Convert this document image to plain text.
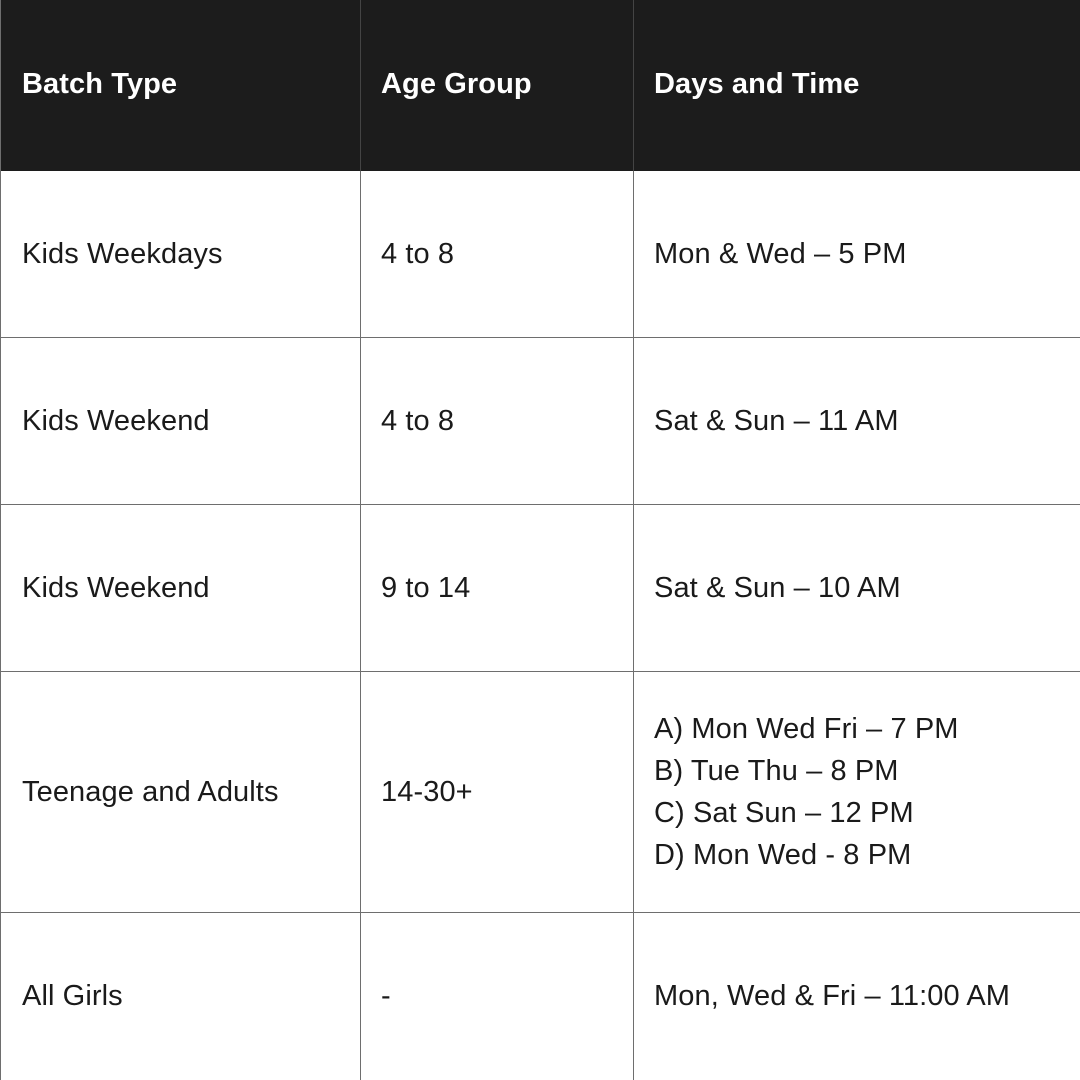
Batch Type	Age Group	Days and Time
Kids Weekdays	4 to 8	Mon & Wed – 5 PM
Kids Weekend	4 to 8	Sat & Sun – 11 AM
Kids Weekend	9 to 14	Sat & Sun – 10 AM
Teenage and Adults	14-30+
A) Mon Wed Fri – 7 PM
B) Tue Thu – 8 PM
C) Sat Sun – 12 PM
D) Mon Wed - 8 PM
All Girls	-	Mon, Wed & Fri – 11:00 AM
